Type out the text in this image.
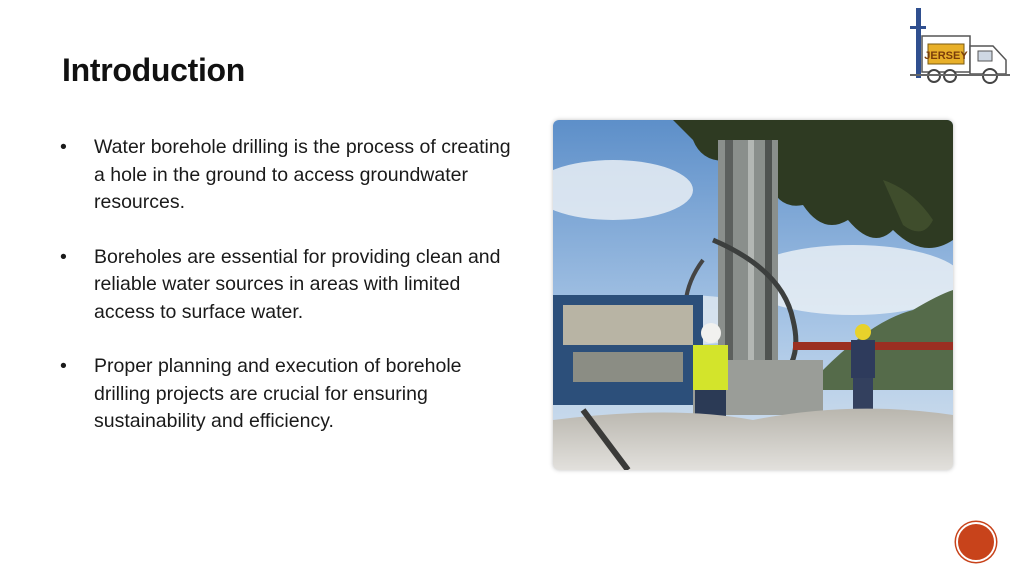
Introduction
• Water borehole drilling is the process of creating a hole in the ground to access groundwater resources.
• Boreholes are essential for providing clean and reliable water sources in areas with limited access to surface water.
• Proper planning and execution of borehole drilling projects are crucial for ensuring sustainability and efficiency.
JERSEY
